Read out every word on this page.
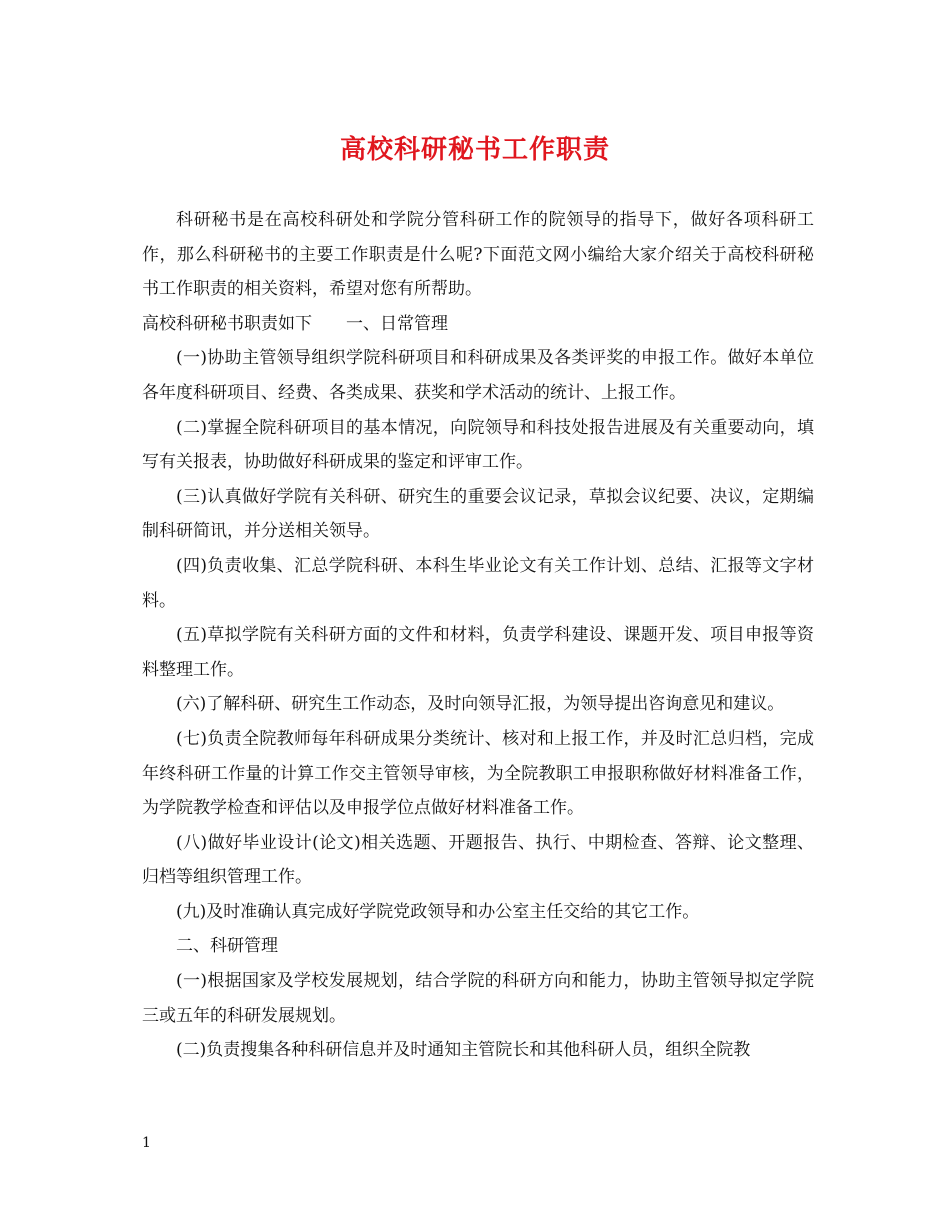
高校科研秘书工作职责

科研秘书是在高校科研处和学院分管科研工作的院领导的指导下，做好各项科研工作，那么科研秘书的主要工作职责是什么呢?下面范文网小编给大家介绍关于高校科研秘书工作职责的相关资料，希望对您有所帮助。

高校科研秘书职责如下　　一、日常管理

(一)协助主管领导组织学院科研项目和科研成果及各类评奖的申报工作。做好本单位各年度科研项目、经费、各类成果、获奖和学术活动的统计、上报工作。

(二)掌握全院科研项目的基本情况，向院领导和科技处报告进展及有关重要动向，填写有关报表，协助做好科研成果的鉴定和评审工作。

(三)认真做好学院有关科研、研究生的重要会议记录，草拟会议纪要、决议，定期编制科研简讯，并分送相关领导。

(四)负责收集、汇总学院科研、本科生毕业论文有关工作计划、总结、汇报等文字材料。

(五)草拟学院有关科研方面的文件和材料，负责学科建设、课题开发、项目申报等资料整理工作。

(六)了解科研、研究生工作动态，及时向领导汇报，为领导提出咨询意见和建议。

(七)负责全院教师每年科研成果分类统计、核对和上报工作，并及时汇总归档，完成年终科研工作量的计算工作交主管领导审核，为全院教职工申报职称做好材料准备工作，为学院教学检查和评估以及申报学位点做好材料准备工作。

(八)做好毕业设计(论文)相关选题、开题报告、执行、中期检查、答辩、论文整理、归档等组织管理工作。

(九)及时准确认真完成好学院党政领导和办公室主任交给的其它工作。

二、科研管理

(一)根据国家及学校发展规划，结合学院的科研方向和能力，协助主管领导拟定学院三或五年的科研发展规划。

(二)负责搜集各种科研信息并及时通知主管院长和其他科研人员，组织全院教

1
